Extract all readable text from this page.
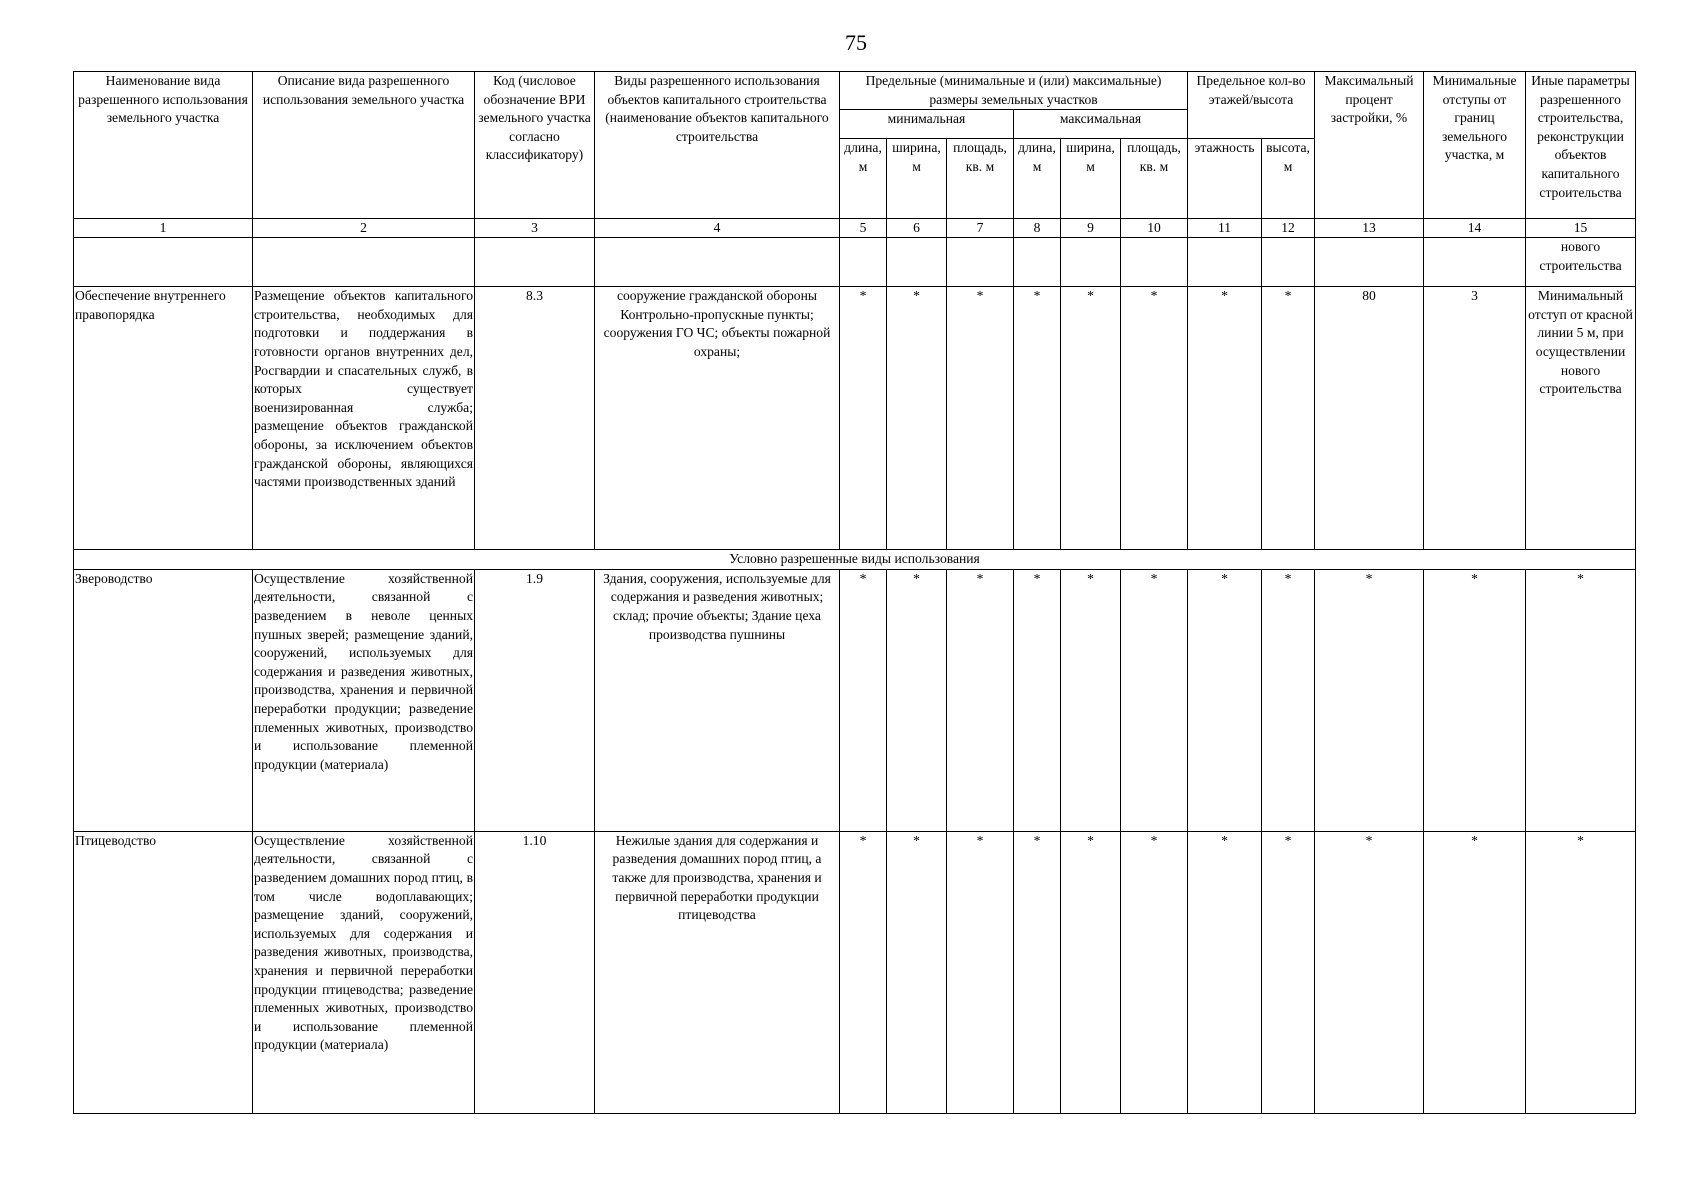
75
Наименование вида разрешенного использования земельного участка	Описание вида разрешенного использования земельного участка	Код (числовое обозначение ВРИ земельного участка согласно классификатору)	Виды разрешенного использования объектов капитального строительства (наименование объектов капитального строительства	Предельные (минимальные и (или) максимальные) размеры земельных участков						Предельное кол-во этажей/высота		Максимальный процент застройки, %	Минимальные отступы от границ земельного участка, м	Иные параметры разрешенного строительства, реконструкции объектов капитального строительства
				минимальная			максимальная							
				длина, м	ширина, м	площадь, кв. м	длина, м	ширина, м	площадь, кв. м	этажность	высота, м			
1	2	3	4	5	6	7	8	9	10	11	12	13	14	15
														нового строительства
Обеспечение внутреннего правопорядка	Размещение объектов капитального строительства, необходимых для подготовки и поддержания в готовности органов внутренних дел, Росгвардии и спасательных служб, в которых существует военизированная служба; размещение объектов гражданской обороны, за исключением объектов гражданской обороны, являющихся частями производственных зданий	8.3	сооружение гражданской обороны Контрольно-пропускные пункты; сооружения ГО ЧС; объекты пожарной охраны;	*	*	*	*	*	*	*	*	80	3	Минимальный отступ от красной линии 5 м, при осуществлении нового строительства
Условно разрешенные виды использования														
Звероводство	Осуществление хозяйственной деятельности, связанной с разведением в неволе ценных пушных зверей; размещение зданий, сооружений, используемых для содержания и разведения животных, производства, хранения и первичной переработки продукции; разведение племенных животных, производство и использование племенной продукции (материала)	1.9	Здания, сооружения, используемые для содержания и разведения животных; склад; прочие объекты; Здание цеха производства пушнины	*	*	*	*	*	*	*	*	*	*	*
Птицеводство	Осуществление хозяйственной деятельности, связанной с разведением домашних пород птиц, в том числе водоплавающих; размещение зданий, сооружений, используемых для содержания и разведения животных, производства, хранения и первичной переработки продукции птицеводства; разведение племенных животных, производство и использование племенной продукции (материала)	1.10	Нежилые здания для содержания и разведения домашних пород птиц, а также для производства, хранения и первичной переработки продукции птицеводства	*	*	*	*	*	*	*	*	*	*	*
